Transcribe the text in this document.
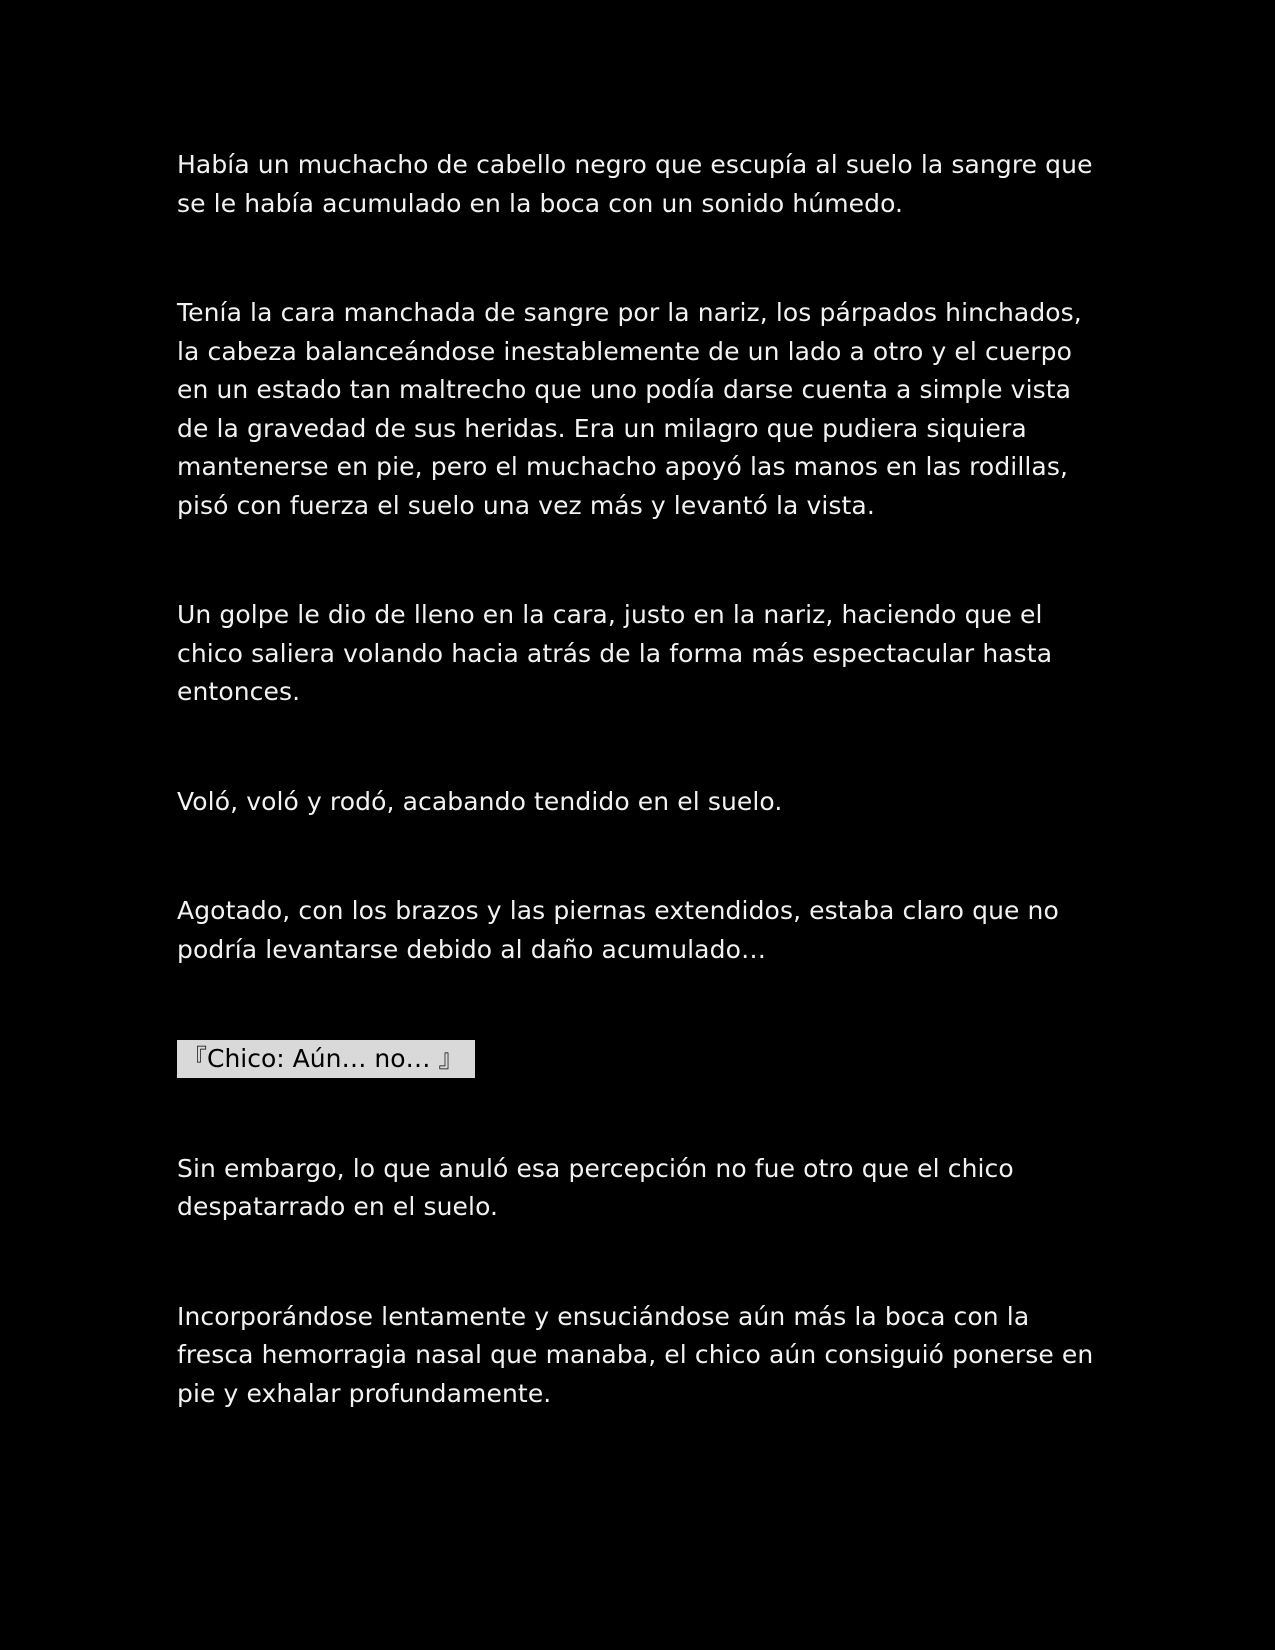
Había un muchacho de cabello negro que escupía al suelo la sangre que se le había acumulado en la boca con un sonido húmedo.

Tenía la cara manchada de sangre por la nariz, los párpados hinchados, la cabeza balanceándose inestablemente de un lado a otro y el cuerpo en un estado tan maltrecho que uno podía darse cuenta a simple vista de la gravedad de sus heridas. Era un milagro que pudiera siquiera mantenerse en pie, pero el muchacho apoyó las manos en las rodillas, pisó con fuerza el suelo una vez más y levantó la vista.

Un golpe le dio de lleno en la cara, justo en la nariz, haciendo que el chico saliera volando hacia atrás de la forma más espectacular hasta entonces.

Voló, voló y rodó, acabando tendido en el suelo.

Agotado, con los brazos y las piernas extendidos, estaba claro que no podría levantarse debido al daño acumulado…

『Chico: Aún… no… 』

Sin embargo, lo que anuló esa percepción no fue otro que el chico despatarrado en el suelo.

Incorporándose lentamente y ensuciándose aún más la boca con la fresca hemorragia nasal que manaba, el chico aún consiguió ponerse en pie y exhalar profundamente.
